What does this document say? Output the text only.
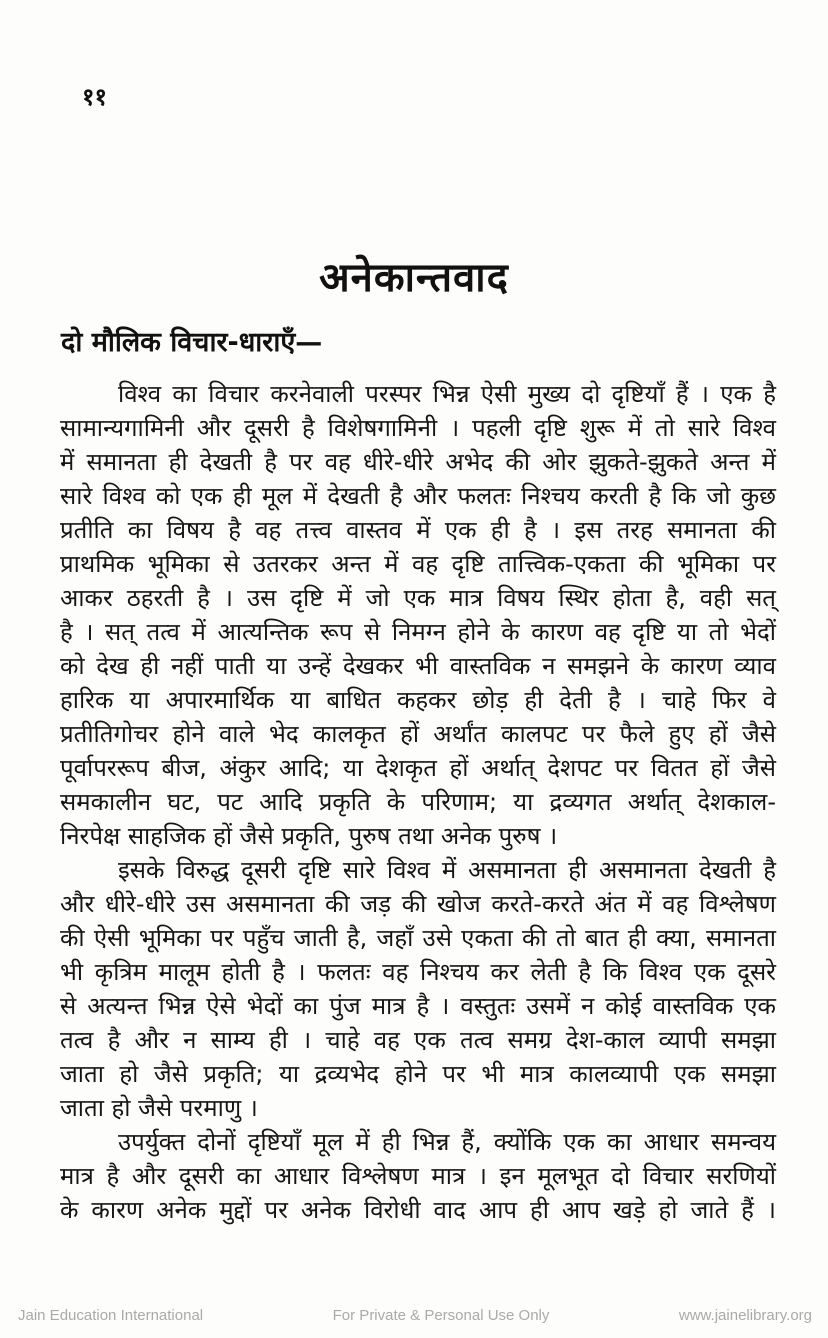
११
अनेकान्तवाद
दो मौलिक विचार-धाराएँ—
विश्व का विचार करनेवाली परस्पर भिन्न ऐसी मुख्य दो दृष्टियाँ हैं । एक है
सामान्यगामिनी और दूसरी है विशेषगामिनी । पहली दृष्टि शुरू में तो सारे विश्व
में समानता ही देखती है पर वह धीरे-धीरे अभेद की ओर झुकते-झुकते अन्त में
सारे विश्व को एक ही मूल में देखती है और फलतः निश्चय करती है कि जो कुछ
प्रतीति का विषय है वह तत्त्व वास्तव में एक ही है । इस तरह समानता की
प्राथमिक भूमिका से उतरकर अन्त में वह दृष्टि तात्त्विक-एकता की भूमिका पर
आकर ठहरती है । उस दृष्टि में जो एक मात्र विषय स्थिर होता है, वही सत्
है । सत् तत्व में आत्यन्तिक रूप से निमग्न होने के कारण वह दृष्टि या तो भेदों
को देख ही नहीं पाती या उन्हें देखकर भी वास्तविक न समझने के कारण व्याव
हारिक या अपारमार्थिक या बाधित कहकर छोड़ ही देती है । चाहे फिर वे
प्रतीतिगोचर होने वाले भेद कालकृत हों अर्थांत कालपट पर फैले हुए हों जैसे
पूर्वापररूप बीज, अंकुर आदि; या देशकृत हों अर्थात् देशपट पर वितत हों जैसे
समकालीन घट, पट आदि प्रकृति के परिणाम; या द्रव्यगत अर्थात् देशकाल-
निरपेक्ष साहजिक हों जैसे प्रकृति, पुरुष तथा अनेक पुरुष ।
इसके विरुद्ध दूसरी दृष्टि सारे विश्व में असमानता ही असमानता देखती है
और धीरे-धीरे उस असमानता की जड़ की खोज करते-करते अंत में वह विश्लेषण
की ऐसी भूमिका पर पहुँच जाती है, जहाँ उसे एकता की तो बात ही क्या, समानता
भी कृत्रिम मालूम होती है । फलतः वह निश्चय कर लेती है कि विश्व एक दूसरे
से अत्यन्त भिन्न ऐसे भेदों का पुंज मात्र है । वस्तुतः उसमें न कोई वास्तविक एक
तत्व है और न साम्य ही । चाहे वह एक तत्व समग्र देश-काल व्यापी समझा
जाता हो जैसे प्रकृति; या द्रव्यभेद होने पर भी मात्र कालव्यापी एक समझा
जाता हो जैसे परमाणु ।
उपर्युक्त दोनों दृष्टियाँ मूल में ही भिन्न हैं, क्योंकि एक का आधार समन्वय
मात्र है और दूसरी का आधार विश्लेषण मात्र । इन मूलभूत दो विचार सरणियों
के कारण अनेक मुद्दों पर अनेक विरोधी वाद आप ही आप खड़े हो जाते हैं ।
Jain Education International	For Private & Personal Use Only	www.jainelibrary.org
